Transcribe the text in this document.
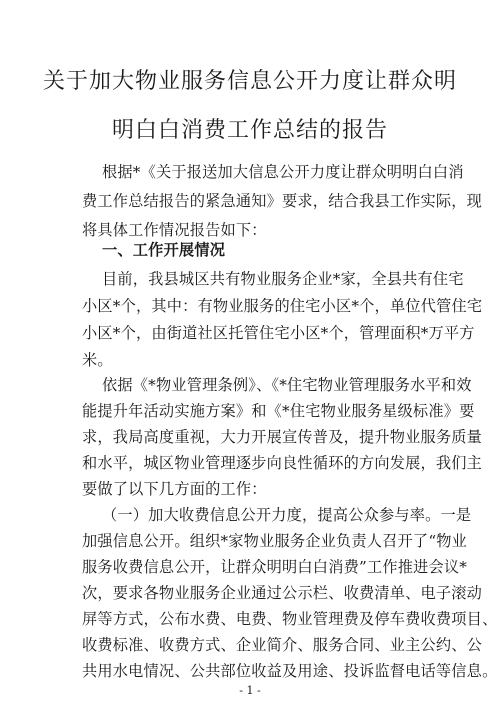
关于加大物业服务信息公开力度让群众明
明白白消费工作总结的报告
根据*《关于报送加大信息公开力度让群众明明白白消
费工作总结报告的紧急通知》要求，结合我县工作实际，现
将具体工作情况报告如下：
一、工作开展情况
目前，我县城区共有物业服务企业*家，全县共有住宅
小区*个，其中：有物业服务的住宅小区*个，单位代管住宅
小区*个，由街道社区托管住宅小区*个，管理面积*万平方
米。
依据《*物业管理条例》、《*住宅物业管理服务水平和效
能提升年活动实施方案》和《*住宅物业服务星级标准》要
求，我局高度重视，大力开展宣传普及，提升物业服务质量
和水平，城区物业管理逐步向良性循环的方向发展，我们主
要做了以下几方面的工作：
（一）加大收费信息公开力度，提高公众参与率。一是
加强信息公开。组织*家物业服务企业负责人召开了“物业
服务收费信息公开，让群众明明白白消费”工作推进会议*
次，要求各物业服务企业通过公示栏、收费清单、电子滚动
屏等方式，公布水费、电费、物业管理费及停车费收费项目、
收费标准、收费方式、企业简介、服务合同、业主公约、公
共用水电情况、公共部位收益及用途、投诉监督电话等信息。
- 1 -
